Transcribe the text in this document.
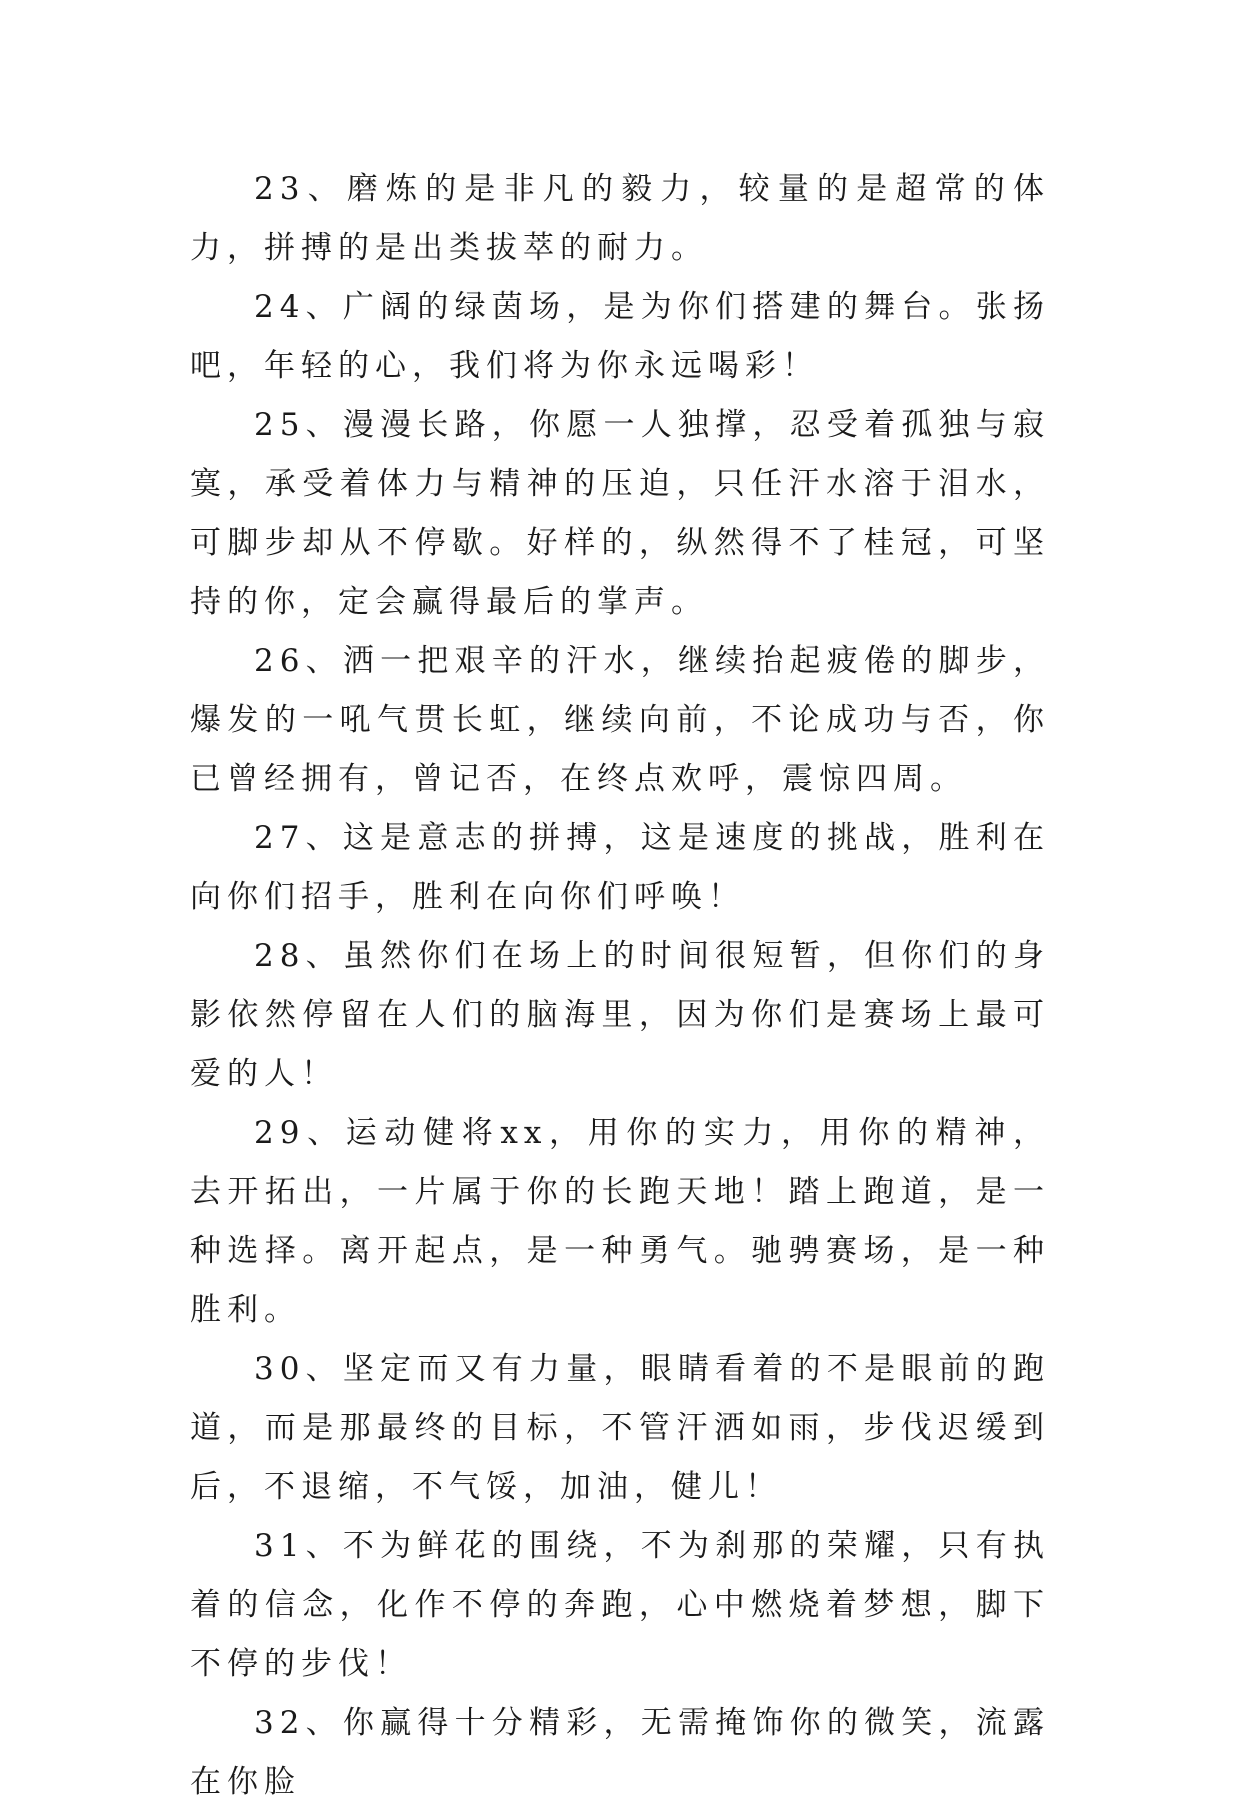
23、磨炼的是非凡的毅力，较量的是超常的体力，拼搏的是出类拔萃的耐力。

24、广阔的绿茵场，是为你们搭建的舞台。张扬吧，年轻的心，我们将为你永远喝彩！

25、漫漫长路，你愿一人独撑，忍受着孤独与寂寞，承受着体力与精神的压迫，只任汗水溶于泪水，可脚步却从不停歇。好样的，纵然得不了桂冠，可坚持的你，定会赢得最后的掌声。

26、洒一把艰辛的汗水，继续抬起疲倦的脚步，爆发的一吼气贯长虹，继续向前，不论成功与否，你已曾经拥有，曾记否，在终点欢呼，震惊四周。

27、这是意志的拼搏，这是速度的挑战，胜利在向你们招手，胜利在向你们呼唤！

28、虽然你们在场上的时间很短暂，但你们的身影依然停留在人们的脑海里，因为你们是赛场上最可爱的人！

29、运动健将xx，用你的实力，用你的精神，去开拓出，一片属于你的长跑天地！踏上跑道，是一种选择。离开起点，是一种勇气。驰骋赛场，是一种胜利。

30、坚定而又有力量，眼睛看着的不是眼前的跑道，而是那最终的目标，不管汗洒如雨，步伐迟缓到后，不退缩，不气馁，加油，健儿！

31、不为鲜花的围绕，不为刹那的荣耀，只有执着的信念，化作不停的奔跑，心中燃烧着梦想，脚下不停的步伐！

32、你赢得十分精彩，无需掩饰你的微笑，流露在你脸
